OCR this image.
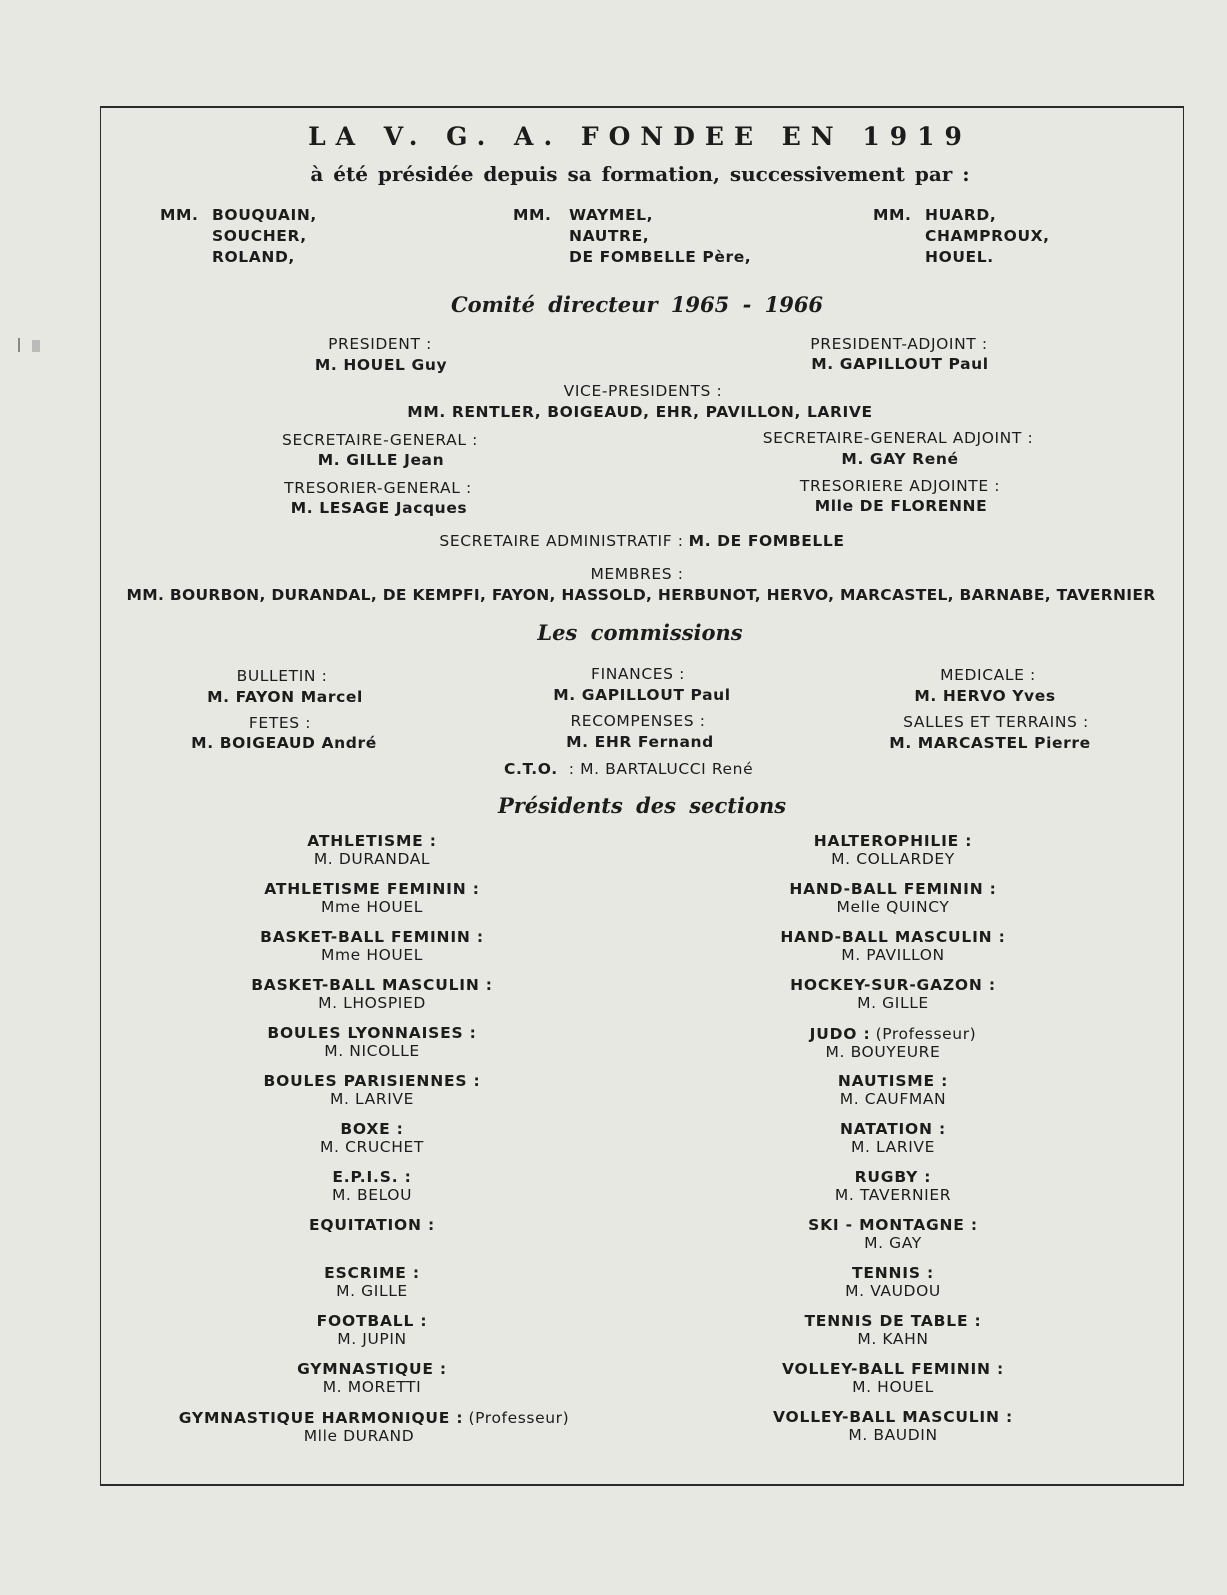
LA V. G. A. FONDEE EN 1919
à été présidée depuis sa formation, successivement par :
MM. BOUQUAIN,
SOUCHER,
ROLAND,
MM. WAYMEL,
NAUTRE,
DE FOMBELLE Père,
MM. HUARD,
CHAMPROUX,
HOUEL.
Comité directeur 1965 - 1966
PRESIDENT :
M. HOUEL Guy
PRESIDENT-ADJOINT :
M. GAPILLOUT Paul
VICE-PRESIDENTS :
MM. RENTLER, BOIGEAUD, EHR, PAVILLON, LARIVE
SECRETAIRE-GENERAL :
M. GILLE Jean
SECRETAIRE-GENERAL ADJOINT :
M. GAY René
TRESORIER-GENERAL :
M. LESAGE Jacques
TRESORIERE ADJOINTE :
Mlle DE FLORENNE
SECRETAIRE ADMINISTRATIF : M. DE FOMBELLE
MEMBRES :
MM. BOURBON, DURANDAL, DE KEMPFI, FAYON, HASSOLD, HERBUNOT, HERVO, MARCASTEL, BARNABE, TAVERNIER
Les commissions
BULLETIN :
M. FAYON Marcel
FINANCES :
M. GAPILLOUT Paul
MEDICALE :
M. HERVO Yves
FETES :
M. BOIGEAUD André
RECOMPENSES :
M. EHR Fernand
SALLES ET TERRAINS :
M. MARCASTEL Pierre
C.T.O. : M. BARTALUCCI René
Présidents des sections
ATHLETISME :
M. DURANDAL
ATHLETISME FEMININ :
Mme HOUEL
BASKET-BALL FEMININ :
Mme HOUEL
BASKET-BALL MASCULIN :
M. LHOSPIED
BOULES LYONNAISES :
M. NICOLLE
BOULES PARISIENNES :
M. LARIVE
BOXE :
M. CRUCHET
E.P.I.S. :
M. BELOU
EQUITATION :
ESCRIME :
M. GILLE
FOOTBALL :
M. JUPIN
GYMNASTIQUE :
M. MORETTI
GYMNASTIQUE HARMONIQUE : (Professeur)
Mlle DURAND
HALTEROPHILIE :
M. COLLARDEY
HAND-BALL FEMININ :
Melle QUINCY
HAND-BALL MASCULIN :
M. PAVILLON
HOCKEY-SUR-GAZON :
M. GILLE
JUDO : (Professeur)
M. BOUYEURE
NAUTISME :
M. CAUFMAN
NATATION :
M. LARIVE
RUGBY :
M. TAVERNIER
SKI - MONTAGNE :
M. GAY
TENNIS :
M. VAUDOU
TENNIS DE TABLE :
M. KAHN
VOLLEY-BALL FEMININ :
M. HOUEL
VOLLEY-BALL MASCULIN :
M. BAUDIN
